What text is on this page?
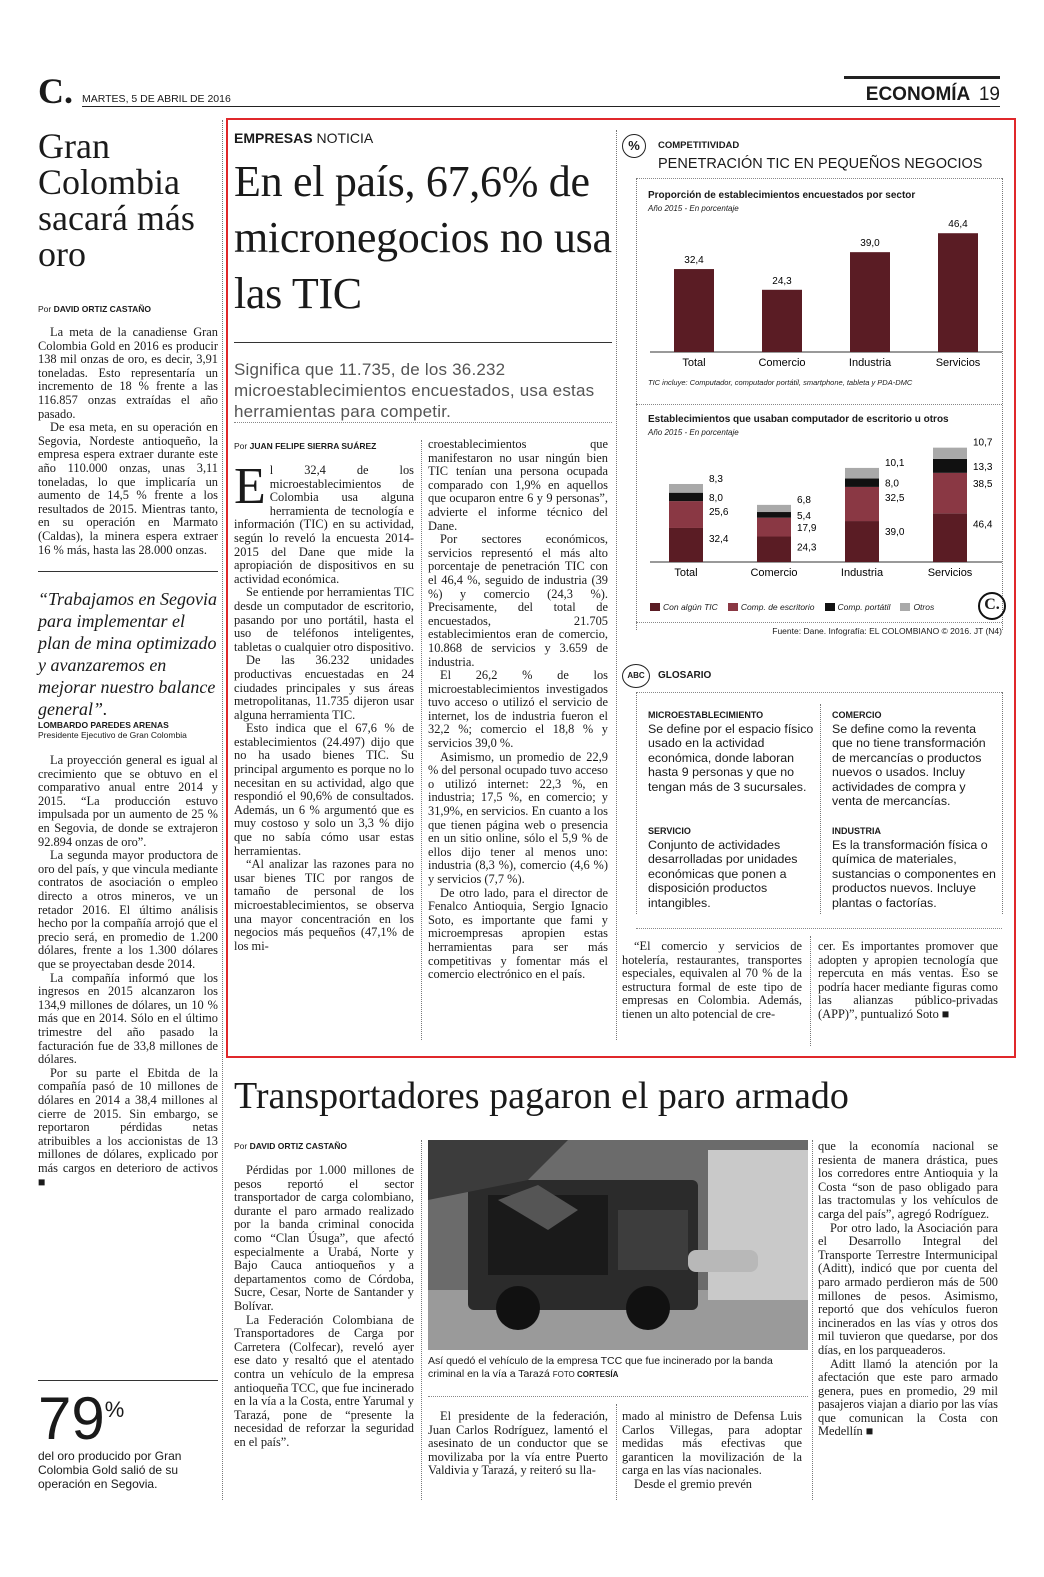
C. MARTES, 5 DE ABRIL DE 2016	ECONOMÍA 19
Gran Colombia sacará más oro
Por DAVID ORTIZ CASTAÑO

La meta de la canadiense Gran Colombia Gold en 2016 es producir 138 mil onzas de oro, es decir, 3,91 toneladas. Esto representaría un incremento de 18 % frente a las 116.857 onzas extraídas el año pasado.

De esa meta, en su operación en Segovia, Nordeste antioqueño, la empresa espera extraer durante este año 110.000 onzas, unas 3,11 toneladas, lo que implicaría un aumento de 14,5 % frente a los resultados de 2015. Mientras tanto, en su operación en Marmato (Caldas), la minera espera extraer 16 % más, hasta las 28.000 onzas.

“Trabajamos en Segovia para implementar el plan de mina optimizado y avanzaremos en mejorar nuestro balance general”.
LOMBARDO PAREDES ARENAS
Presidente Ejecutivo de Gran Colombia

La proyección general es igual al crecimiento que se obtuvo en el comparativo anual entre 2014 y 2015. “La producción estuvo impulsada por un aumento de 25 % en Segovia, de donde se extrajeron 92.894 onzas de oro”.

La segunda mayor productora de oro del país, y que vincula mediante contratos de asociación o empleo directo a otros mineros, ve un retador 2016. El último análisis hecho por la compañía arrojó que el precio será, en promedio de 1.200 dólares, frente a los 1.300 dólares que se proyectaban desde 2014.

La compañía informó que los ingresos en 2015 alcanzaron los 134,9 millones de dólares, un 10 % más que en 2014. Sólo en el último trimestre del año pasado la facturación fue de 33,8 millones de dólares.

Por su parte el Ebitda de la compañía pasó de 10 millones de dólares en 2014 a 38,4 millones al cierre de 2015. Sin embargo, se reportaron pérdidas netas atribuibles a los accionistas de 13 millones de dólares, explicado por más cargos en deterioro de activos ■

79%
del oro producido por Gran Colombia Gold salió de su operación en Segovia.
EMPRESAS NOTICIA
En el país, 67,6% de micronegocios no usa las TIC
Significa que 11.735, de los 36.232 microestablecimientos encuestados, usa estas herramientas para competir.
Por JUAN FELIPE SIERRA SUÁREZ

El 32,4 de los microestablecimientos de Colombia usa alguna herramienta de tecnología e información (TIC) en su actividad, según lo reveló la encuesta 2014-2015 del Dane que mide la apropiación de dispositivos en su actividad económica.

Se entiende por herramientas TIC desde un computador de escritorio, pasando por uno portátil, hasta el uso de teléfonos inteligentes, tabletas o cualquier otro dispositivo.

De las 36.232 unidades productivas encuestadas en 24 ciudades principales y sus áreas metropolitanas, 11.735 dijeron usar alguna herramienta TIC.

Esto indica que el 67,6 % de establecimientos (24.497) dijo que no ha usado bienes TIC. Su principal argumento es porque no lo necesitan en su actividad, algo que respondió el 90,6% de consultados. Además, un 6 % argumentó que es muy costoso y solo un 3,3 % dijo que no sabía cómo usar estas herramientas.

“Al analizar las razones para no usar bienes TIC por rangos de tamaño de personal de los microestablecimientos, se observa una mayor concentración en los negocios más pequeños (47,1% de los mi-

croestablecimientos que manifestaron no usar ningún bien TIC tenían una persona ocupada comparado con 1,9% en aquellos que ocuparon entre 6 y 9 personas”, advierte el informe técnico del Dane.

Por sectores económicos, servicios representó el más alto porcentaje de penetración TIC con el 46,4 %, seguido de industria (39 %) y comercio (24,3 %). Precisamente, del total de encuestados, 21.705 establecimientos eran de comercio, 10.868 de servicios y 3.659 de industria.

El 26,2 % de los microestablecimientos investigados tuvo acceso o utilizó el servicio de internet, los de industria fueron el 32,2 %; comercio el 18,8 % y servicios 39,0 %.

Asimismo, un promedio de 22,9 % del personal ocupado tuvo acceso o utilizó internet: 22,3 %, en industria; 17,5 %, en comercio; y 31,9%, en servicios. En cuanto a los que tienen página web o presencia en un sitio online, sólo el 5,9 % de ellos dijo tener al menos uno: industria (8,3 %), comercio (4,6 %) y servicios (7,7 %).

De otro lado, para el director de Fenalco Antioquia, Sergio Ignacio Soto, es importante que fami y microempresas apropien estas herramientas para ser más competitivas y fomentar más el comercio electrónico en el país.

%	COMPETITIVIDAD
PENETRACIÓN TIC EN PEQUEÑOS NEGOCIOS
Proporción de establecimientos encuestados por sector
Año 2015 - En porcentaje
32,4
Total
24,3
Comercio
39,0
Industria
46,4
Servicios
TIC incluye: Computador, computador portátil, smartphone, tableta y PDA-DMC
Establecimientos que usaban computador de escritorio u otros
Año 2015 - En porcentaje
32,4
25,6
8,0
8,3
Total
24,3
17,9
5,4
6,8
Comercio
39,0
32,5
8,0
10,1
Industria
46,4
38,5
13,3
10,7
Servicios
Con algún TIC	Comp. de escritorio	Comp. portátil	Otros	C.
Fuente: Dane. Infografía: EL COLOMBIANO © 2016. JT (N4)
ABC	GLOSARIO
MICROESTABLECIMIENTO
Se define por el espacio físico usado en la actividad económica, donde laboran hasta 9 personas y que no tengan más de 3 sucursales.
COMERCIO
Se define como la reventa que no tiene transformación de mercancías o productos nuevos o usados. Incluy actividades de compra y venta de mercancías.
SERVICIO
Conjunto de actividades desarrolladas por unidades económicas que ponen a disposición productos intangibles.
INDUSTRIA
Es la transformación física o química de materiales, sustancias o componentes en productos nuevos. Incluye plantas o factorías.

“El comercio y servicios de hotelería, restaurantes, transportes especiales, equivalen al 70 % de la estructura formal de este tipo de empresas en Colombia. Además, tienen un alto potencial de cre-

cer. Es importantes promover que adopten y apropien tecnología que repercuta en más ventas. Eso se podría hacer mediante figuras como las alianzas público-privadas (APP)”, puntualizó Soto ■

Transportadores pagaron el paro armado
Por DAVID ORTIZ CASTAÑO

Pérdidas por 1.000 millones de pesos reportó el sector transportador de carga colombiano, durante el paro armado realizado por la banda criminal conocida como “Clan Úsuga”, que afectó especialmente a Urabá, Norte y Bajo Cauca antioqueños y a departamentos como de Córdoba, Sucre, Cesar, Norte de Santander y Bolívar.

La Federación Colombiana de Transportadores de Carga por Carretera (Colfecar), reveló ayer ese dato y resaltó que el atentado contra un vehículo de la empresa antioqueña TCC, que fue incinerado en la vía a la Costa, entre Yarumal y Tarazá, pone de “presente la necesidad de reforzar la seguridad en el país”.

Así quedó el vehículo de la empresa TCC que fue incinerado por la banda criminal en la vía a Tarazá FOTO CORTESÍA

El presidente de la federación, Juan Carlos Rodríguez, lamentó el asesinato de un conductor que se movilizaba por la vía entre Puerto Valdivia y Tarazá, y reiteró su lla-

mado al ministro de Defensa Luis Carlos Villegas, para adoptar medidas más efectivas que garanticen la movilización de la carga en las vías nacionales.

Desde el gremio prevén

que la economía nacional se resienta de manera drástica, pues los corredores entre Antioquia y la Costa “son de paso obligado para las tractomulas y los vehículos de carga del país”, agregó Rodríguez.

Por otro lado, la Asociación para el Desarrollo Integral del Transporte Terrestre Intermunicipal (Aditt), indicó que por cuenta del paro armado perdieron más de 500 millones de pesos. Asimismo, reportó que dos vehículos fueron incinerados en las vías y otros dos mil tuvieron que quedarse, por dos días, en los parqueaderos.

Aditt llamó la atención por la afectación que este paro armado genera, pues en promedio, 29 mil pasajeros viajan a diario por las vías que comunican la Costa con Medellín ■
